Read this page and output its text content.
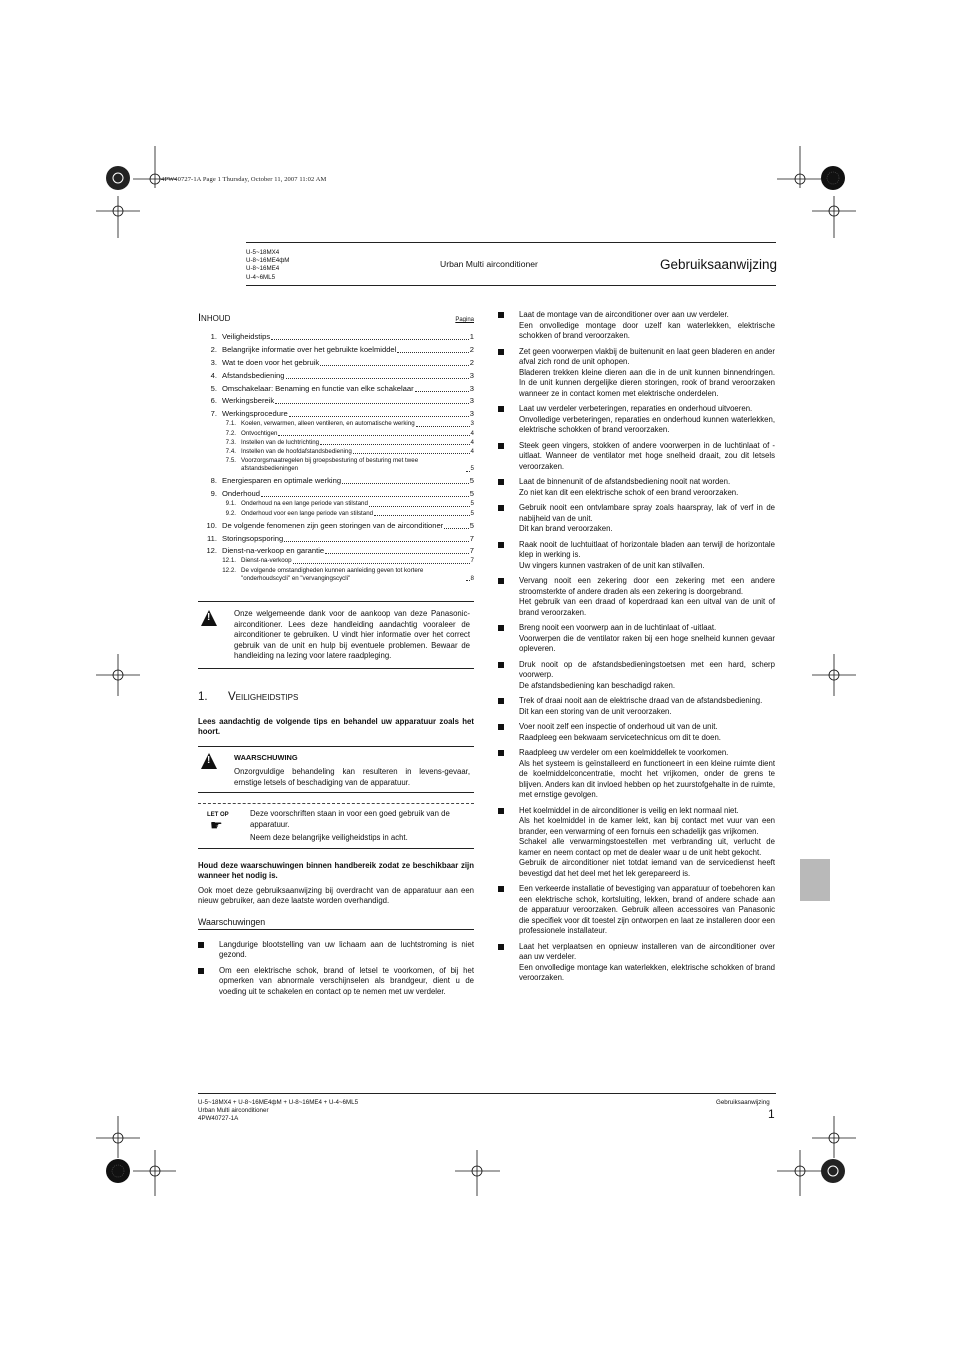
4PW40727-1A Page 1 Thursday, October 11, 2007 11:02 AM
U-5~18MX4
U-8~16ME4фM
U-8~16ME4
U-4~6ML5
Urban Multi airconditioner	Gebruiksaanwijzing
Inhoud	Pagina
1. Veiligheidstips	1
2. Belangrijke informatie over het gebruikte koelmiddel	2
3. Wat te doen voor het gebruik	2
4. Afstandsbediening	3
5. Omschakelaar: Benaming en functie van elke schakelaar	3
6. Werkingsbereik	3
7. Werkingsprocedure	3
7.1. Koelen, verwarmen, alleen ventileren, en automatische werking	3
7.2. Ontvochtigen	4
7.3. Instellen van de luchtrichting	4
7.4. Instellen van de hoofdafstandsbediening	4
7.5. Voorzorgsmaatregelen bij groepsbesturing of besturing met twee afstandsbedieningen	5
8. Energiesparen en optimale werking	5
9. Onderhoud	5
9.1. Onderhoud na een lange periode van stilstand	5
9.2. Onderhoud voor een lange periode van stilstand	5
10. De volgende fenomenen zijn geen storingen van de airconditioner	5
11. Storingsopsporing	7
12. Dienst-na-verkoop en garantie	7
12.1. Dienst-na-verkoop	7
12.2. De volgende omstandigheden kunnen aanleiding geven tot kortere "onderhoudscycli" en "vervangingscycli"	8
!
Onze welgemeende dank voor de aankoop van deze Panasonic-airconditioner. Lees deze handleiding aandachtig vooraleer de airconditioner te gebruiken. U vindt hier informatie over het correct gebruik van de unit en hulp bij eventuele problemen. Bewaar de handleiding na lezing voor latere raadpleging.
1. Veiligheidstips
Lees aandachtig de volgende tips en behandel uw apparatuur zoals het hoort.
!
WAARSCHUWING
Onzorgvuldige behandeling kan resulteren in levens-gevaar, ernstige letsels of beschadiging van de apparatuur.
LET OP
☛
Deze voorschriften staan in voor een goed gebruik van de apparatuur.
Neem deze belangrijke veiligheidstips in acht.
Houd deze waarschuwingen binnen handbereik zodat ze beschikbaar zijn wanneer het nodig is.
Ook moet deze gebruiksaanwijzing bij overdracht van de apparatuur aan een nieuw gebruiker, aan deze laatste worden overhandigd.
Waarschuwingen
Langdurige blootstelling van uw lichaam aan de luchtstroming is niet gezond.
Om een elektrische schok, brand of letsel te voorkomen, of bij het opmerken van abnormale verschijnselen als brandgeur, dient u de voeding uit te schakelen en contact op te nemen met uw verdeler.
Laat de montage van de airconditioner over aan uw verdeler.
Een onvolledige montage door uzelf kan waterlekken, elektrische schokken of brand veroorzaken.
Zet geen voorwerpen vlakbij de buitenunit en laat geen bladeren en ander afval zich rond de unit ophopen.
Bladeren trekken kleine dieren aan die in de unit kunnen binnendringen. In de unit kunnen dergelijke dieren storingen, rook of brand veroorzaken wanneer ze in contact komen met elektrische onderdelen.
Laat uw verdeler verbeteringen, reparaties en onderhoud uitvoeren.
Onvolledige verbeteringen, reparaties en onderhoud kunnen waterlekken, elektrische schokken of brand veroorzaken.
Steek geen vingers, stokken of andere voorwerpen in de luchtinlaat of -uitlaat. Wanneer de ventilator met hoge snelheid draait, zou dit letsels veroorzaken.
Laat de binnenunit of de afstandsbediening nooit nat worden.
Zo niet kan dit een elektrische schok of een brand veroorzaken.
Gebruik nooit een ontvlambare spray zoals haarspray, lak of verf in de nabijheid van de unit.
Dit kan brand veroorzaken.
Raak nooit de luchtuitlaat of horizontale bladen aan terwijl de horizontale klep in werking is.
Uw vingers kunnen vastraken of de unit kan stilvallen.
Vervang nooit een zekering door een zekering met een andere stroomsterkte of andere draden als een zekering is doorgebrand.
Het gebruik van een draad of koperdraad kan een uitval van de unit of brand veroorzaken.
Breng nooit een voorwerp aan in de luchtinlaat of -uitlaat.
Voorwerpen die de ventilator raken bij een hoge snelheid kunnen gevaar opleveren.
Druk nooit op de afstandsbedieningstoetsen met een hard, scherp voorwerp.
De afstandsbediening kan beschadigd raken.
Trek of draai nooit aan de elektrische draad van de afstandsbediening.
Dit kan een storing van de unit veroorzaken.
Voer nooit zelf een inspectie of onderhoud uit van de unit.
Raadpleeg een bekwaam servicetechnicus om dit te doen.
Raadpleeg uw verdeler om een koelmiddellek te voorkomen.
Als het systeem is geïnstalleerd en functioneert in een kleine ruimte dient de koelmiddelconcentratie, mocht het vrijkomen, onder de grens te blijven. Anders kan dit invloed hebben op het zuurstofgehalte in de ruimte, met ernstige gevolgen.
Het koelmiddel in de airconditioner is veilig en lekt normaal niet.
Als het koelmiddel in de kamer lekt, kan bij contact met vuur van een brander, een verwarming of een fornuis een schadelijk gas vrijkomen.
Schakel alle verwarmingstoestellen met verbranding uit, verlucht de kamer en neem contact op met de dealer waar u de unit hebt gekocht.
Gebruik de airconditioner niet totdat iemand van de servicedienst heeft bevestigd dat het deel met het lek gerepareerd is.
Een verkeerde installatie of bevestiging van apparatuur of toebehoren kan een elektrische schok, kortsluiting, lekken, brand of andere schade aan de apparatuur veroorzaken. Gebruik alleen accessoires van Panasonic die specifiek voor dit toestel zijn ontworpen en laat ze installeren door een professionele installateur.
Laat het verplaatsen en opnieuw installeren van de airconditioner over aan uw verdeler.
Een onvolledige montage kan waterlekken, elektrische schokken of brand veroorzaken.
U-5~18MX4 + U-8~16ME4фM + U-8~16ME4 + U-4~6ML5
Urban Multi airconditioner
4PW40727-1A
Gebruiksaanwijzing
1
